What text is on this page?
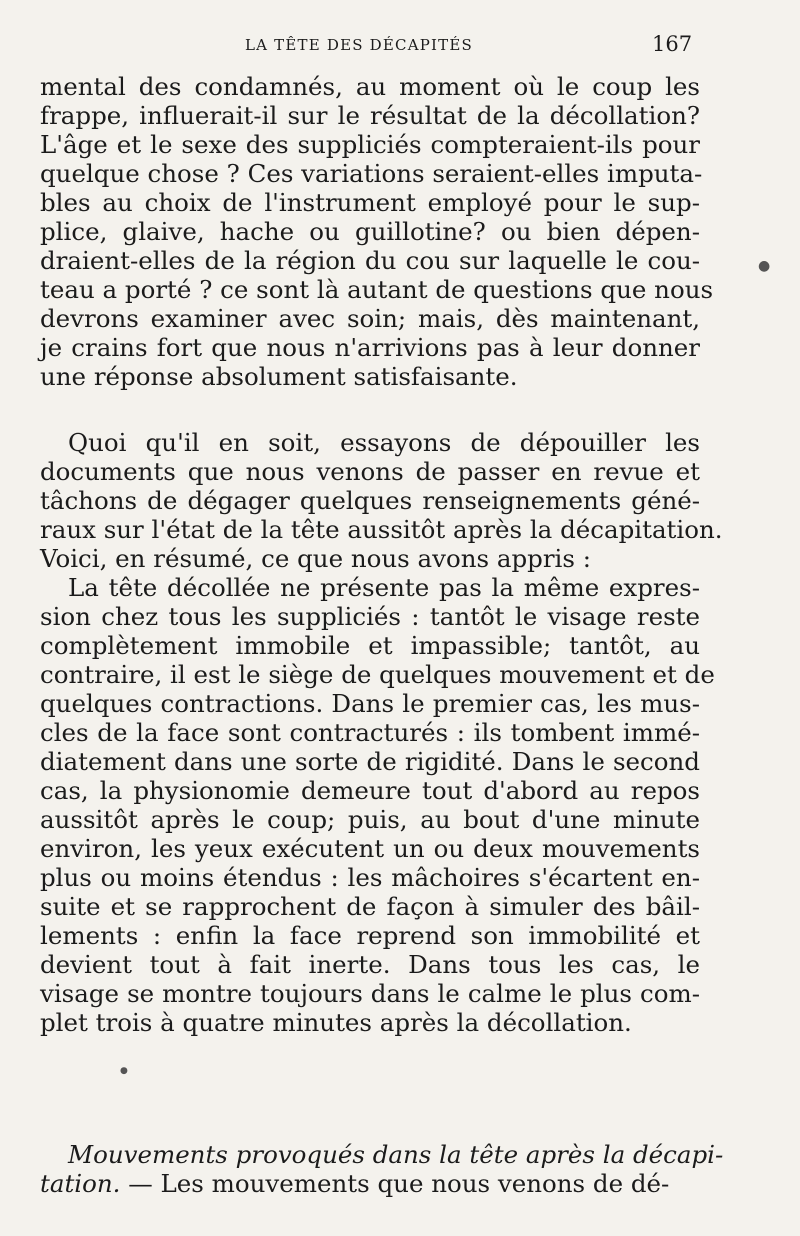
LA TÊTE DES DÉCAPITÉS	167
mental des condamnés, au moment où le coup les
frappe, influerait-il sur le résultat de la décollation?
L'âge et le sexe des suppliciés compteraient-ils pour
quelque chose ? Ces variations seraient-elles imputa-
bles au choix de l'instrument employé pour le sup-
plice, glaive, hache ou guillotine? ou bien dépen-
draient-elles de la région du cou sur laquelle le cou-
teau a porté ? ce sont là autant de questions que nous
devrons examiner avec soin; mais, dès maintenant,
je crains fort que nous n'arrivions pas à leur donner
une réponse absolument satisfaisante.
Quoi qu'il en soit, essayons de dépouiller les
documents que nous venons de passer en revue et
tâchons de dégager quelques renseignements géné-
raux sur l'état de la tête aussitôt après la décapitation.
Voici, en résumé, ce que nous avons appris :
La tête décollée ne présente pas la même expres-
sion chez tous les suppliciés : tantôt le visage reste
complètement immobile et impassible; tantôt, au
contraire, il est le siège de quelques mouvement et de
quelques contractions. Dans le premier cas, les mus-
cles de la face sont contracturés : ils tombent immé-
diatement dans une sorte de rigidité. Dans le second
cas, la physionomie demeure tout d'abord au repos
aussitôt après le coup; puis, au bout d'une minute
environ, les yeux exécutent un ou deux mouvements
plus ou moins étendus : les mâchoires s'écartent en-
suite et se rapprochent de façon à simuler des bâil-
lements : enfin la face reprend son immobilité et
devient tout à fait inerte. Dans tous les cas, le
visage se montre toujours dans le calme le plus com-
plet trois à quatre minutes après la décollation.
●
●
Mouvements provoqués dans la tête après la décapi-
tation. — Les mouvements que nous venons de dé-
